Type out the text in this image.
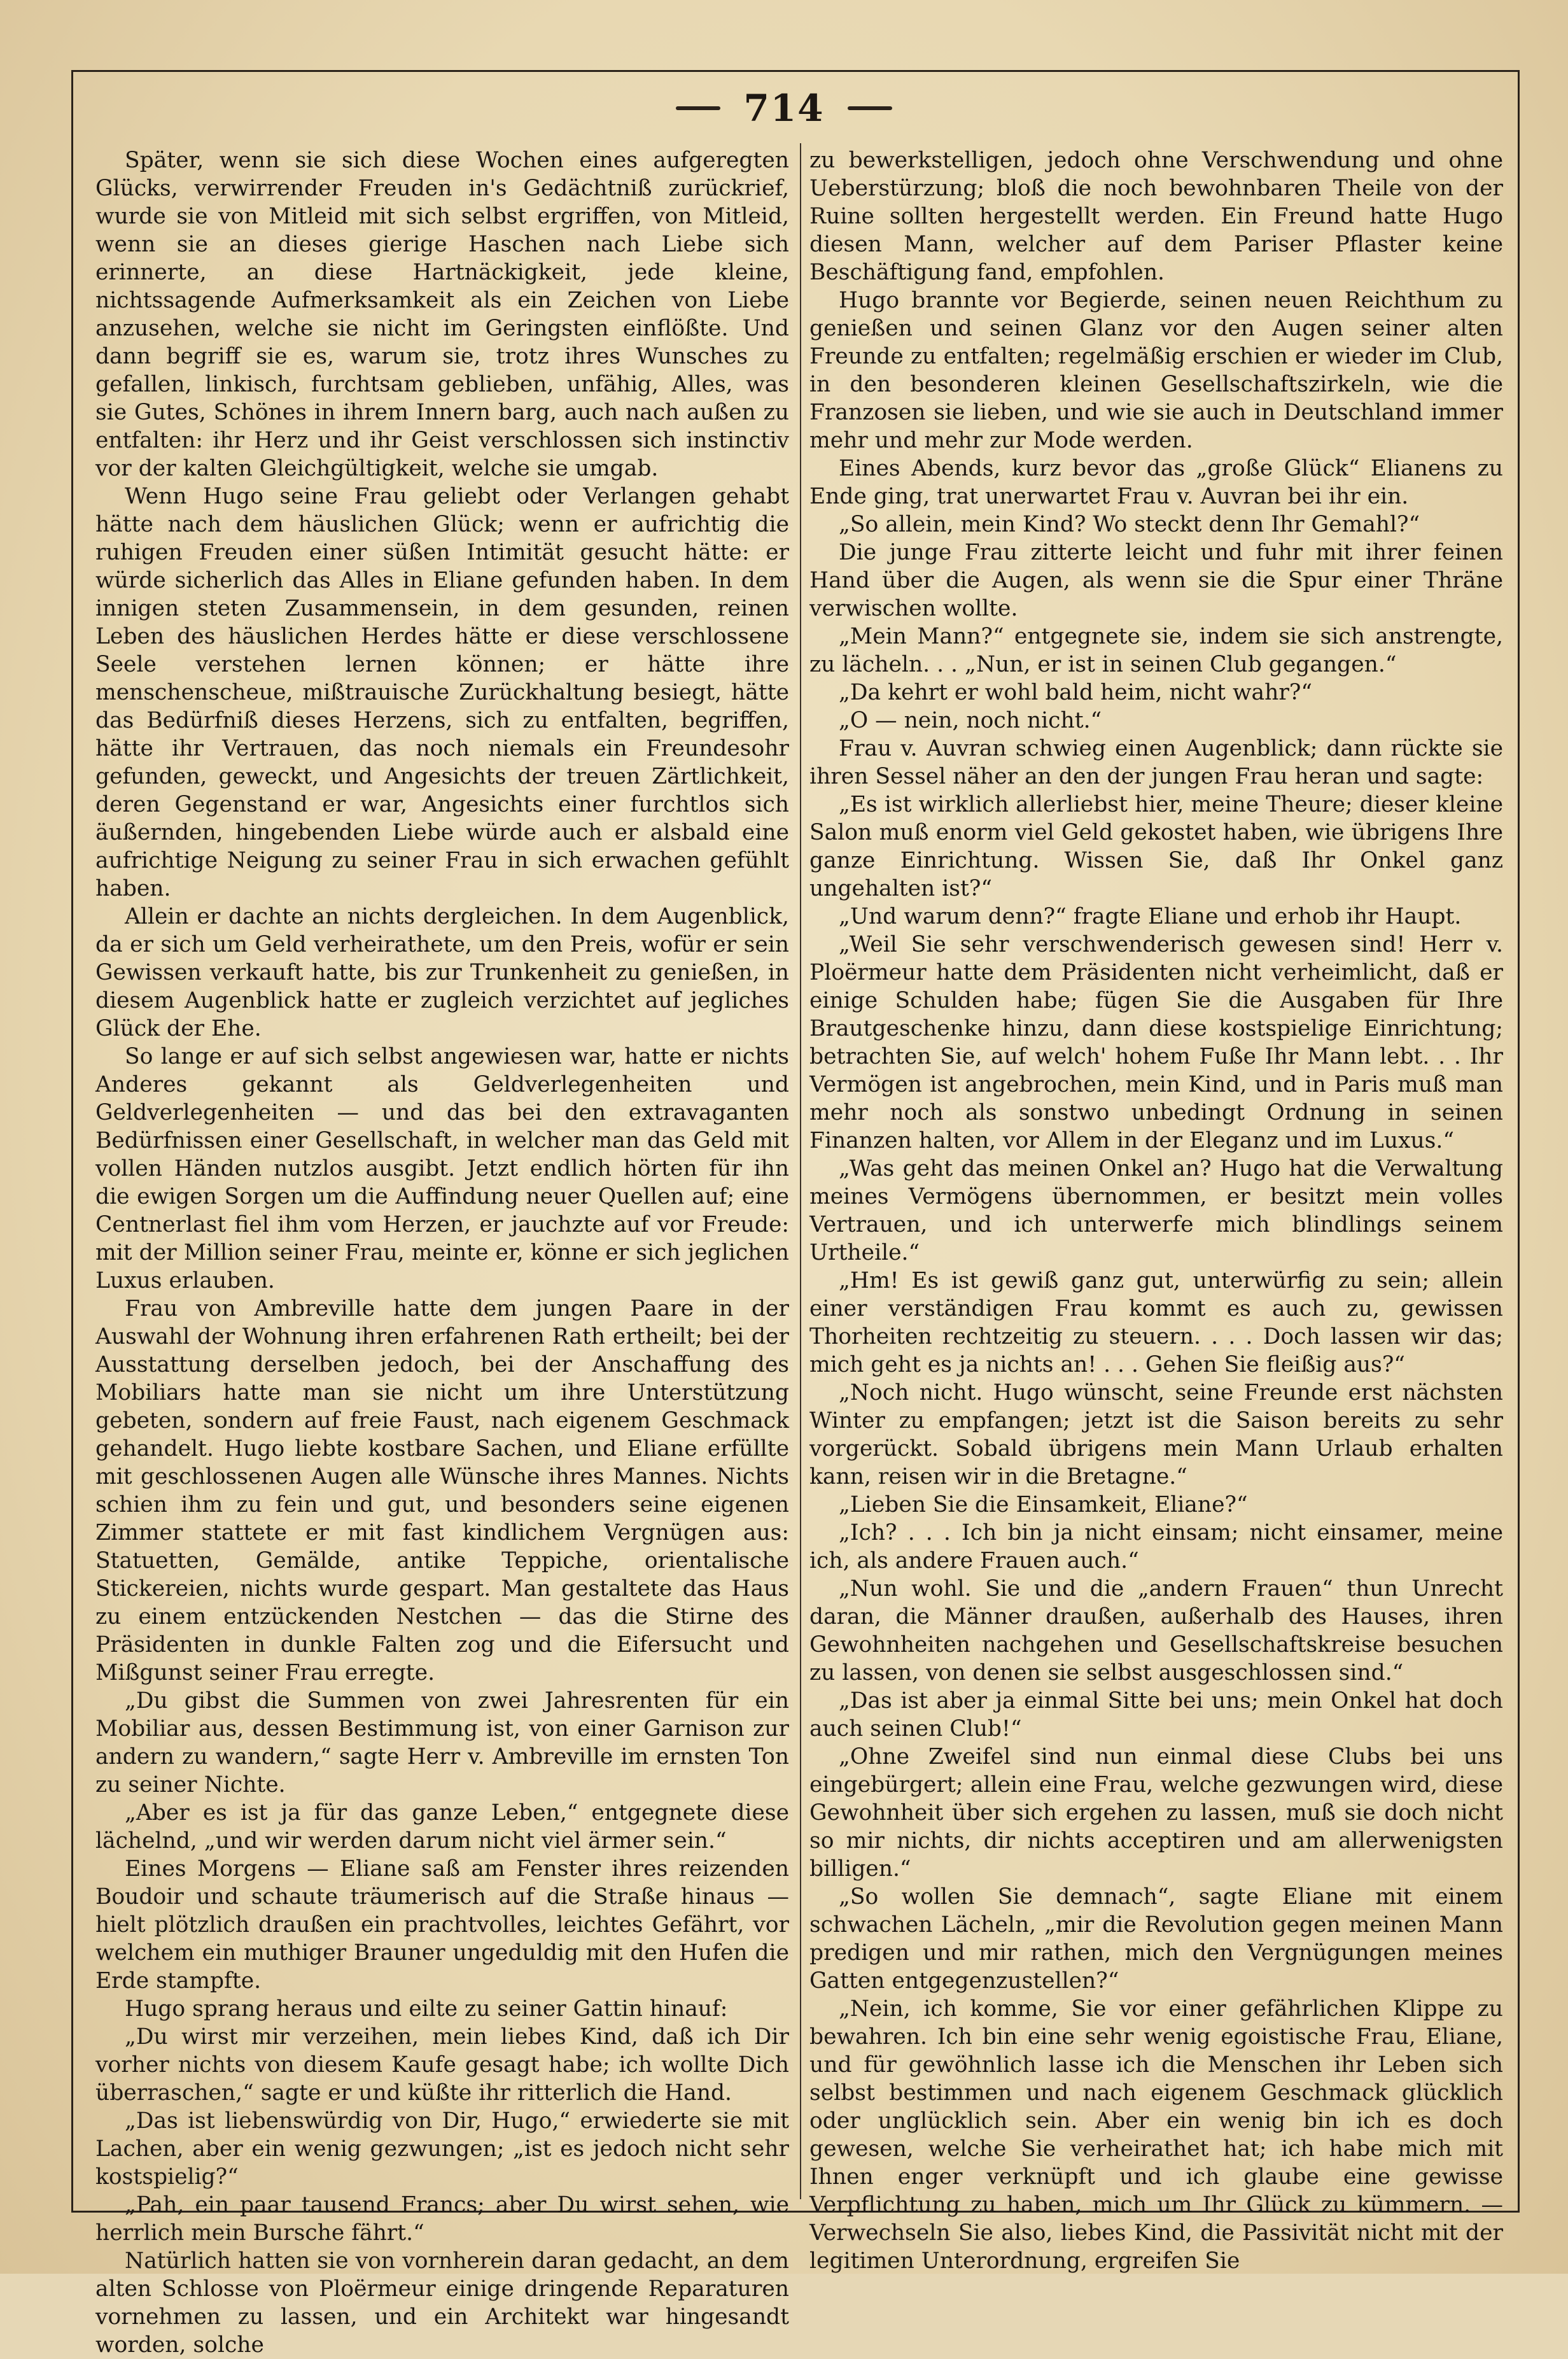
714

Später, wenn sie sich diese Wochen eines aufgeregten Glücks, verwirrender Freuden in's Gedächtniß zurückrief, wurde sie von Mitleid mit sich selbst ergriffen, von Mitleid, wenn sie an dieses gierige Haschen nach Liebe sich erinnerte, an diese Hartnäckigkeit, jede kleine, nichtssagende Aufmerksamkeit als ein Zeichen von Liebe anzusehen, welche sie nicht im Geringsten einflößte. Und dann begriff sie es, warum sie, trotz ihres Wunsches zu gefallen, linkisch, furchtsam geblieben, unfähig, Alles, was sie Gutes, Schönes in ihrem Innern barg, auch nach außen zu entfalten: ihr Herz und ihr Geist verschlossen sich instinctiv vor der kalten Gleichgültigkeit, welche sie umgab.

Wenn Hugo seine Frau geliebt oder Verlangen gehabt hätte nach dem häuslichen Glück; wenn er aufrichtig die ruhigen Freuden einer süßen Intimität gesucht hätte: er würde sicherlich das Alles in Eliane gefunden haben. In dem innigen steten Zusammensein, in dem gesunden, reinen Leben des häuslichen Herdes hätte er diese verschlossene Seele verstehen lernen können; er hätte ihre menschenscheue, mißtrauische Zurückhaltung besiegt, hätte das Bedürfniß dieses Herzens, sich zu entfalten, begriffen, hätte ihr Vertrauen, das noch niemals ein Freundesohr gefunden, geweckt, und Angesichts der treuen Zärtlichkeit, deren Gegenstand er war, Angesichts einer furchtlos sich äußernden, hingebenden Liebe würde auch er alsbald eine aufrichtige Neigung zu seiner Frau in sich erwachen gefühlt haben.

Allein er dachte an nichts dergleichen. In dem Augenblick, da er sich um Geld verheirathete, um den Preis, wofür er sein Gewissen verkauft hatte, bis zur Trunkenheit zu genießen, in diesem Augenblick hatte er zugleich verzichtet auf jegliches Glück der Ehe.

So lange er auf sich selbst angewiesen war, hatte er nichts Anderes gekannt als Geldverlegenheiten und Geldverlegenheiten — und das bei den extravaganten Bedürfnissen einer Gesellschaft, in welcher man das Geld mit vollen Händen nutzlos ausgibt. Jetzt endlich hörten für ihn die ewigen Sorgen um die Auffindung neuer Quellen auf; eine Centnerlast fiel ihm vom Herzen, er jauchzte auf vor Freude: mit der Million seiner Frau, meinte er, könne er sich jeglichen Luxus erlauben.

Frau von Ambreville hatte dem jungen Paare in der Auswahl der Wohnung ihren erfahrenen Rath ertheilt; bei der Ausstattung derselben jedoch, bei der Anschaffung des Mobiliars hatte man sie nicht um ihre Unterstützung gebeten, sondern auf freie Faust, nach eigenem Geschmack gehandelt. Hugo liebte kostbare Sachen, und Eliane erfüllte mit geschlossenen Augen alle Wünsche ihres Mannes. Nichts schien ihm zu fein und gut, und besonders seine eigenen Zimmer stattete er mit fast kindlichem Vergnügen aus: Statuetten, Gemälde, antike Teppiche, orientalische Stickereien, nichts wurde gespart. Man gestaltete das Haus zu einem entzückenden Nestchen — das die Stirne des Präsidenten in dunkle Falten zog und die Eifersucht und Mißgunst seiner Frau erregte.

„Du gibst die Summen von zwei Jahresrenten für ein Mobiliar aus, dessen Bestimmung ist, von einer Garnison zur andern zu wandern,“ sagte Herr v. Ambreville im ernsten Ton zu seiner Nichte.

„Aber es ist ja für das ganze Leben,“ entgegnete diese lächelnd, „und wir werden darum nicht viel ärmer sein.“

Eines Morgens — Eliane saß am Fenster ihres reizenden Boudoir und schaute träumerisch auf die Straße hinaus — hielt plötzlich draußen ein prachtvolles, leichtes Gefährt, vor welchem ein muthiger Brauner ungeduldig mit den Hufen die Erde stampfte.

Hugo sprang heraus und eilte zu seiner Gattin hinauf:

„Du wirst mir verzeihen, mein liebes Kind, daß ich Dir vorher nichts von diesem Kaufe gesagt habe; ich wollte Dich überraschen,“ sagte er und küßte ihr ritterlich die Hand.

„Das ist liebenswürdig von Dir, Hugo,“ erwiederte sie mit Lachen, aber ein wenig gezwungen; „ist es jedoch nicht sehr kostspielig?“

„Pah, ein paar tausend Francs; aber Du wirst sehen, wie herrlich mein Bursche fährt.“

Natürlich hatten sie von vornherein daran gedacht, an dem alten Schlosse von Ploërmeur einige dringende Reparaturen vornehmen zu lassen, und ein Architekt war hingesandt worden, solche

zu bewerkstelligen, jedoch ohne Verschwendung und ohne Ueberstürzung; bloß die noch bewohnbaren Theile von der Ruine sollten hergestellt werden. Ein Freund hatte Hugo diesen Mann, welcher auf dem Pariser Pflaster keine Beschäftigung fand, empfohlen.

Hugo brannte vor Begierde, seinen neuen Reichthum zu genießen und seinen Glanz vor den Augen seiner alten Freunde zu entfalten; regelmäßig erschien er wieder im Club, in den besonderen kleinen Gesellschaftszirkeln, wie die Franzosen sie lieben, und wie sie auch in Deutschland immer mehr und mehr zur Mode werden.

Eines Abends, kurz bevor das „große Glück“ Elianens zu Ende ging, trat unerwartet Frau v. Auvran bei ihr ein.

„So allein, mein Kind? Wo steckt denn Ihr Gemahl?“

Die junge Frau zitterte leicht und fuhr mit ihrer feinen Hand über die Augen, als wenn sie die Spur einer Thräne verwischen wollte.

„Mein Mann?“ entgegnete sie, indem sie sich anstrengte, zu lächeln. . . „Nun, er ist in seinen Club gegangen.“

„Da kehrt er wohl bald heim, nicht wahr?“

„O — nein, noch nicht.“

Frau v. Auvran schwieg einen Augenblick; dann rückte sie ihren Sessel näher an den der jungen Frau heran und sagte:

„Es ist wirklich allerliebst hier, meine Theure; dieser kleine Salon muß enorm viel Geld gekostet haben, wie übrigens Ihre ganze Einrichtung. Wissen Sie, daß Ihr Onkel ganz ungehalten ist?“

„Und warum denn?“ fragte Eliane und erhob ihr Haupt.

„Weil Sie sehr verschwenderisch gewesen sind! Herr v. Ploërmeur hatte dem Präsidenten nicht verheimlicht, daß er einige Schulden habe; fügen Sie die Ausgaben für Ihre Brautgeschenke hinzu, dann diese kostspielige Einrichtung; betrachten Sie, auf welch' hohem Fuße Ihr Mann lebt. . . Ihr Vermögen ist angebrochen, mein Kind, und in Paris muß man mehr noch als sonstwo unbedingt Ordnung in seinen Finanzen halten, vor Allem in der Eleganz und im Luxus.“

„Was geht das meinen Onkel an? Hugo hat die Verwaltung meines Vermögens übernommen, er besitzt mein volles Vertrauen, und ich unterwerfe mich blindlings seinem Urtheile.“

„Hm! Es ist gewiß ganz gut, unterwürfig zu sein; allein einer verständigen Frau kommt es auch zu, gewissen Thorheiten rechtzeitig zu steuern. . . . Doch lassen wir das; mich geht es ja nichts an! . . . Gehen Sie fleißig aus?“

„Noch nicht. Hugo wünscht, seine Freunde erst nächsten Winter zu empfangen; jetzt ist die Saison bereits zu sehr vorgerückt. Sobald übrigens mein Mann Urlaub erhalten kann, reisen wir in die Bretagne.“

„Lieben Sie die Einsamkeit, Eliane?“

„Ich? . . . Ich bin ja nicht einsam; nicht einsamer, meine ich, als andere Frauen auch.“

„Nun wohl. Sie und die „andern Frauen“ thun Unrecht daran, die Männer draußen, außerhalb des Hauses, ihren Gewohnheiten nachgehen und Gesellschaftskreise besuchen zu lassen, von denen sie selbst ausgeschlossen sind.“

„Das ist aber ja einmal Sitte bei uns; mein Onkel hat doch auch seinen Club!“

„Ohne Zweifel sind nun einmal diese Clubs bei uns eingebürgert; allein eine Frau, welche gezwungen wird, diese Gewohnheit über sich ergehen zu lassen, muß sie doch nicht so mir nichts, dir nichts acceptiren und am allerwenigsten billigen.“

„So wollen Sie demnach“, sagte Eliane mit einem schwachen Lächeln, „mir die Revolution gegen meinen Mann predigen und mir rathen, mich den Vergnügungen meines Gatten entgegenzustellen?“

„Nein, ich komme, Sie vor einer gefährlichen Klippe zu bewahren. Ich bin eine sehr wenig egoistische Frau, Eliane, und für gewöhnlich lasse ich die Menschen ihr Leben sich selbst bestimmen und nach eigenem Geschmack glücklich oder unglücklich sein. Aber ein wenig bin ich es doch gewesen, welche Sie verheirathet hat; ich habe mich mit Ihnen enger verknüpft und ich glaube eine gewisse Verpflichtung zu haben, mich um Ihr Glück zu kümmern. — Verwechseln Sie also, liebes Kind, die Passivität nicht mit der legitimen Unterordnung, ergreifen Sie
